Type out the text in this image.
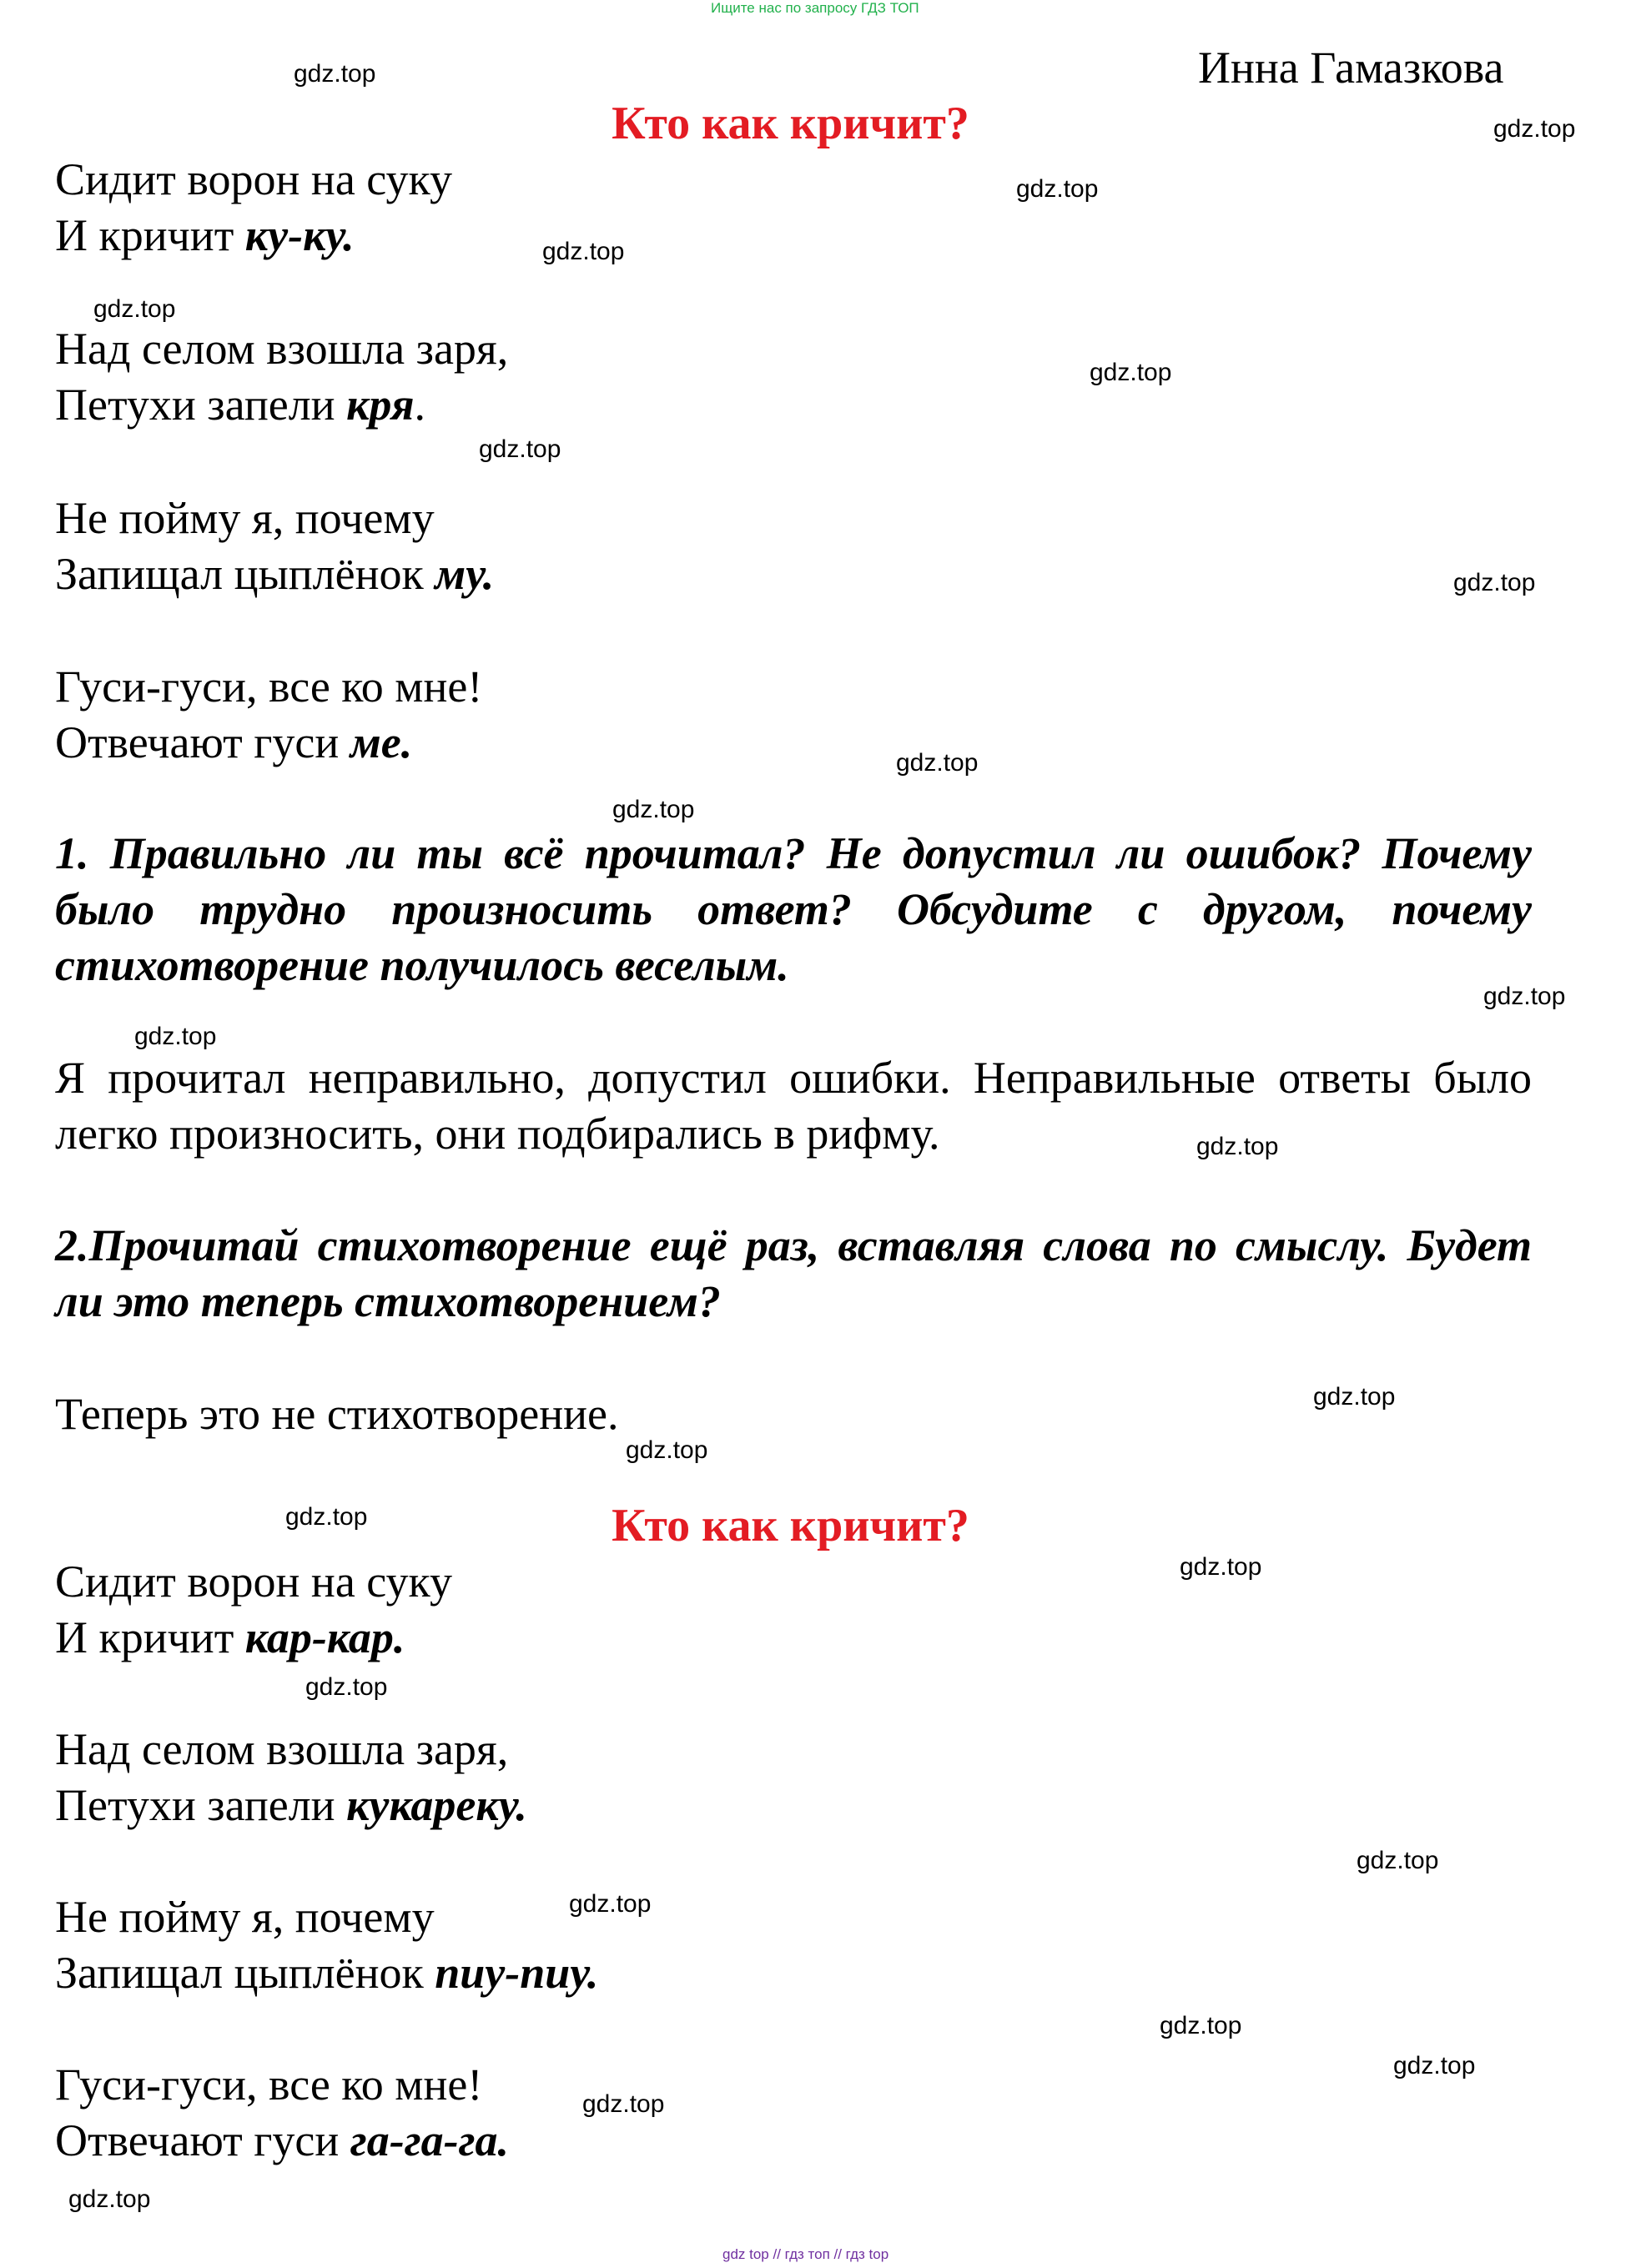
Ищите нас по запросу ГДЗ ТОП
Инна Гамазкова
Кто как кричит?
Сидит ворон на суку
И кричит ку-ку.
Над селом взошла заря,
Петухи запели кря.
Не пойму я, почему
Запищал цыплёнок му.
Гуси-гуси, все ко мне!
Отвечают гуси ме.
1. Правильно ли ты всё прочитал? Не допустил ли ошибок? Почему было трудно произносить ответ? Обсудите с другом, почему стихотворение получилось веселым.
Я прочитал неправильно, допустил ошибки. Неправильные ответы было легко произносить, они подбирались в рифму.
2.Прочитай стихотворение ещё раз, вставляя слова по смыслу. Будет ли это теперь стихотворением?
Теперь это не стихотворение.
Кто как кричит?
Сидит ворон на суку
И кричит кар-кар.
Над селом взошла заря,
Петухи запели кукареку.
Не пойму я, почему
Запищал цыплёнок пиу-пиу.
Гуси-гуси, все ко мне!
Отвечают гуси га-га-га.
gdz.top
gdz.top
gdz.top
gdz.top
gdz.top
gdz.top
gdz.top
gdz.top
gdz.top
gdz.top
gdz.top
gdz.top
gdz.top
gdz.top
gdz.top
gdz.top
gdz.top
gdz.top
gdz.top
gdz.top
gdz.top
gdz.top
gdz.top
gdz.top
gdz top // гдз топ // гдз top
